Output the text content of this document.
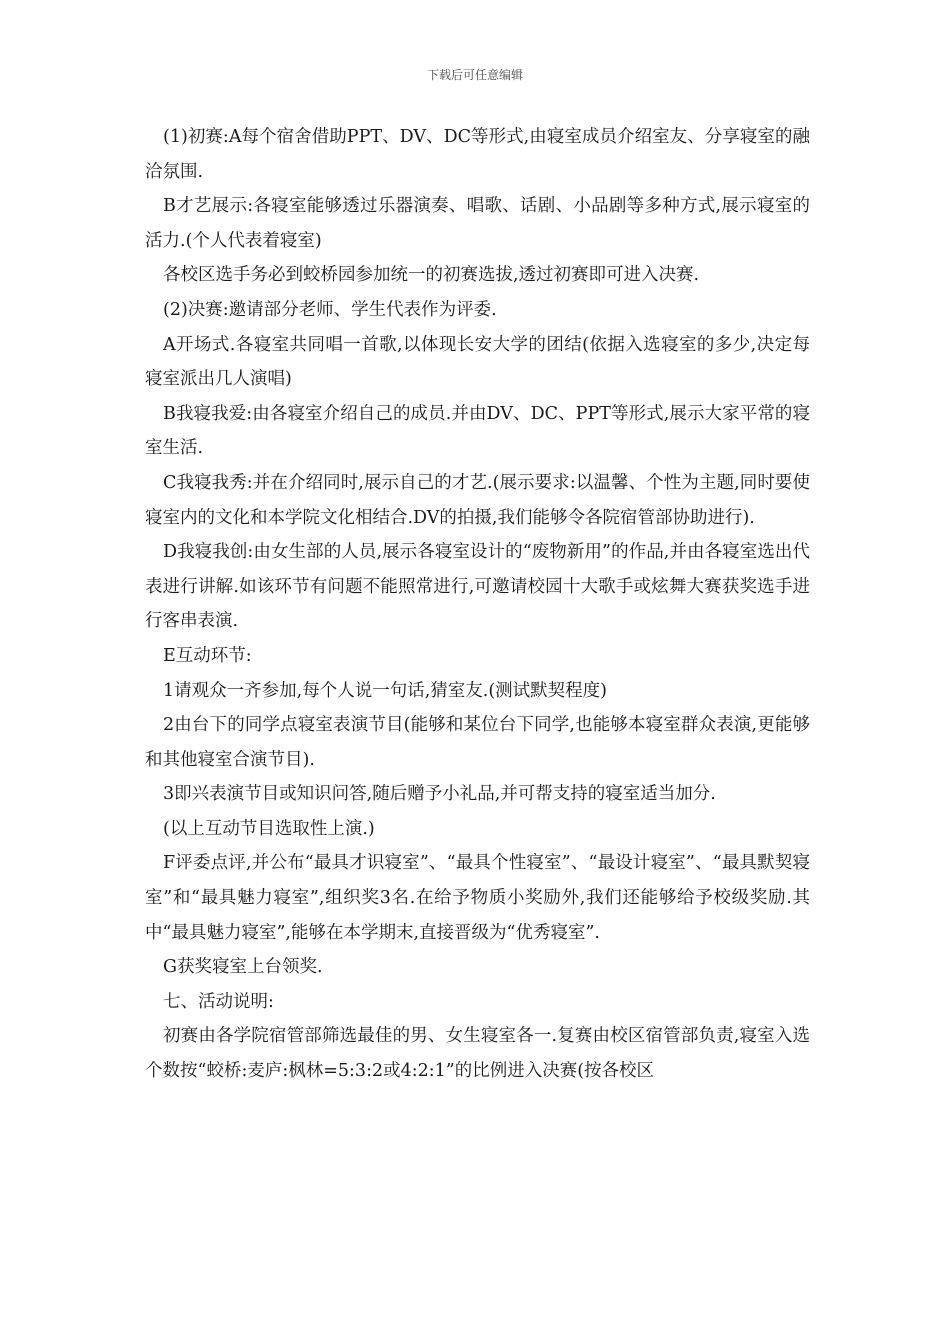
下载后可任意编辑

(1)初赛:A每个宿舍借助PPT、DV、DC等形式,由寝室成员介绍室友、分享寝室的融洽氛围.

B才艺展示:各寝室能够透过乐器演奏、唱歌、话剧、小品剧等多种方式,展示寝室的活力.(个人代表着寝室)

各校区选手务必到蛟桥园参加统一的初赛选拔,透过初赛即可进入决赛.

(2)决赛:邀请部分老师、学生代表作为评委.

A开场式.各寝室共同唱一首歌,以体现长安大学的团结(依据入选寝室的多少,决定每寝室派出几人演唱)

B我寝我爱:由各寝室介绍自己的成员.并由DV、DC、PPT等形式,展示大家平常的寝室生活.

C我寝我秀:并在介绍同时,展示自己的才艺.(展示要求:以温馨、个性为主题,同时要使寝室内的文化和本学院文化相结合.DV的拍摄,我们能够令各院宿管部协助进行).

D我寝我创:由女生部的人员,展示各寝室设计的“废物新用”的作品,并由各寝室选出代表进行讲解.如该环节有问题不能照常进行,可邀请校园十大歌手或炫舞大赛获奖选手进行客串表演.

E互动环节:

1请观众一齐参加,每个人说一句话,猜室友.(测试默契程度)

2由台下的同学点寝室表演节目(能够和某位台下同学,也能够本寝室群众表演,更能够和其他寝室合演节目).

3即兴表演节目或知识问答,随后赠予小礼品,并可帮支持的寝室适当加分.

(以上互动节目选取性上演.)

F评委点评,并公布“最具才识寝室”、“最具个性寝室”、“最设计寝室”、“最具默契寝室”和“最具魅力寝室”,组织奖3名.在给予物质小奖励外,我们还能够给予校级奖励.其中“最具魅力寝室”,能够在本学期末,直接晋级为“优秀寝室”.

G获奖寝室上台领奖.

七、活动说明:

初赛由各学院宿管部筛选最佳的男、女生寝室各一.复赛由校区宿管部负责,寝室入选个数按“蛟桥:麦庐:枫林=5:3:2或4:2:1”的比例进入决赛(按各校区
